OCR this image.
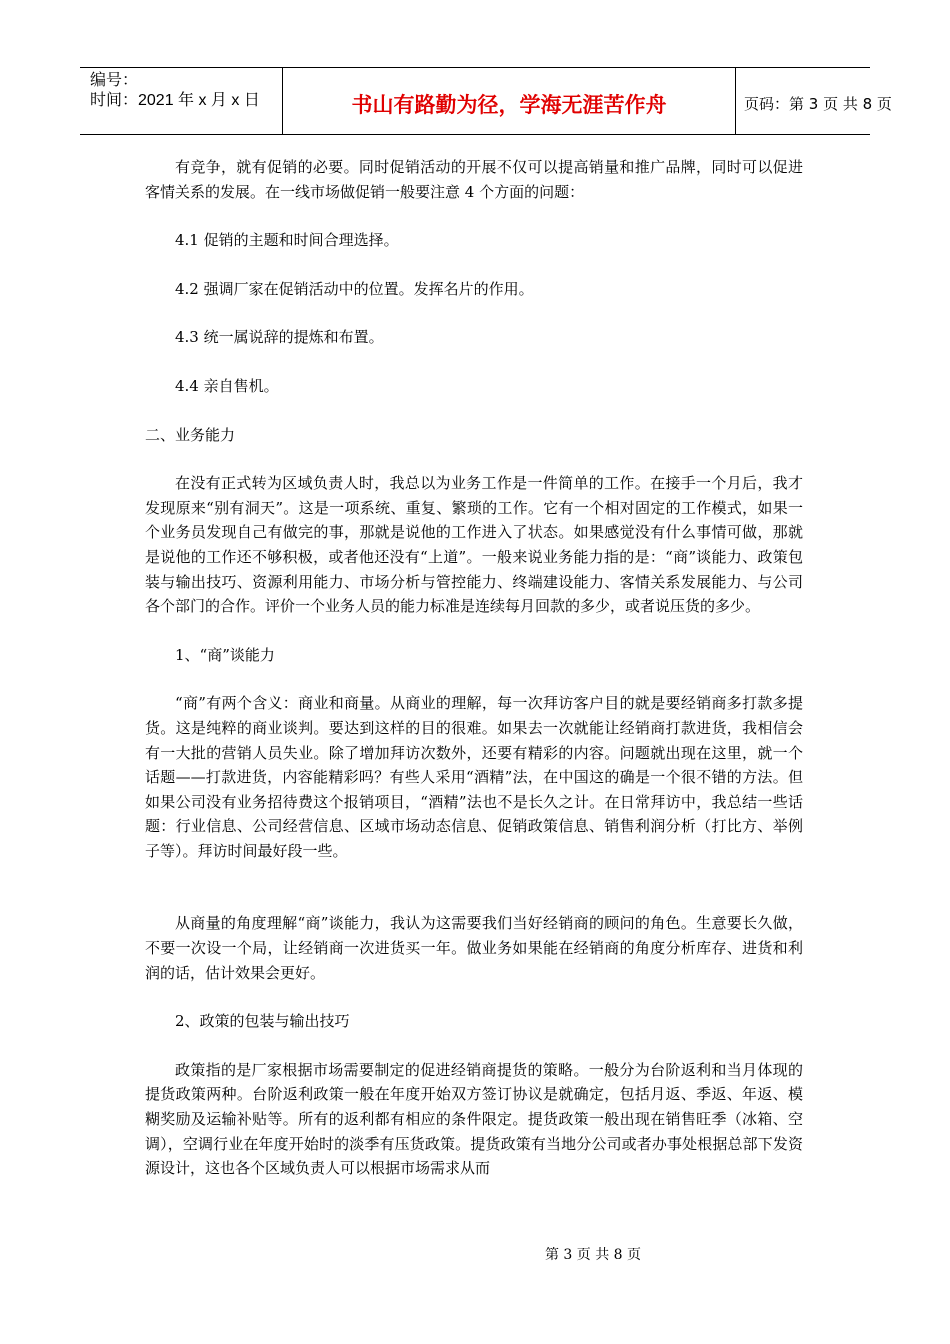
编号：
时间：2021 年 x 月 x 日	书山有路勤为径，学海无涯苦作舟	页码：第 3 页 共 8 页

有竞争，就有促销的必要。同时促销活动的开展不仅可以提高销量和推广品牌，同时可以促进客情关系的发展。在一线市场做促销一般要注意 4 个方面的问题：

4.1 促销的主题和时间合理选择。

4.2 强调厂家在促销活动中的位置。发挥名片的作用。

4.3 统一属说辞的提炼和布置。

4.4 亲自售机。

二、业务能力

在没有正式转为区域负责人时，我总以为业务工作是一件简单的工作。在接手一个月后，我才发现原来“别有洞天”。这是一项系统、重复、繁琐的工作。它有一个相对固定的工作模式，如果一个业务员发现自己有做完的事，那就是说他的工作进入了状态。如果感觉没有什么事情可做，那就是说他的工作还不够积极，或者他还没有“上道”。一般来说业务能力指的是：“商”谈能力、政策包装与输出技巧、资源利用能力、市场分析与管控能力、终端建设能力、客情关系发展能力、与公司各个部门的合作。评价一个业务人员的能力标准是连续每月回款的多少，或者说压货的多少。

1、“商”谈能力

“商”有两个含义：商业和商量。从商业的理解，每一次拜访客户目的就是要经销商多打款多提货。这是纯粹的商业谈判。要达到这样的目的很难。如果去一次就能让经销商打款进货，我相信会有一大批的营销人员失业。除了增加拜访次数外，还要有精彩的内容。问题就出现在这里，就一个话题——打款进货，内容能精彩吗？有些人采用“酒精”法，在中国这的确是一个很不错的方法。但如果公司没有业务招待费这个报销项目，“酒精”法也不是长久之计。在日常拜访中，我总结一些话题：行业信息、公司经营信息、区域市场动态信息、促销政策信息、销售利润分析（打比方、举例子等）。拜访时间最好段一些。

从商量的角度理解“商”谈能力，我认为这需要我们当好经销商的顾问的角色。生意要长久做，不要一次设一个局，让经销商一次进货买一年。做业务如果能在经销商的角度分析库存、进货和利润的话，估计效果会更好。

2、政策的包装与输出技巧

政策指的是厂家根据市场需要制定的促进经销商提货的策略。一般分为台阶返利和当月体现的提货政策两种。台阶返利政策一般在年度开始双方签订协议是就确定，包括月返、季返、年返、模糊奖励及运输补贴等。所有的返利都有相应的条件限定。提货政策一般出现在销售旺季（冰箱、空调），空调行业在年度开始时的淡季有压货政策。提货政策有当地分公司或者办事处根据总部下发资源设计，这也各个区域负责人可以根据市场需求从而

第 3 页 共 8 页
